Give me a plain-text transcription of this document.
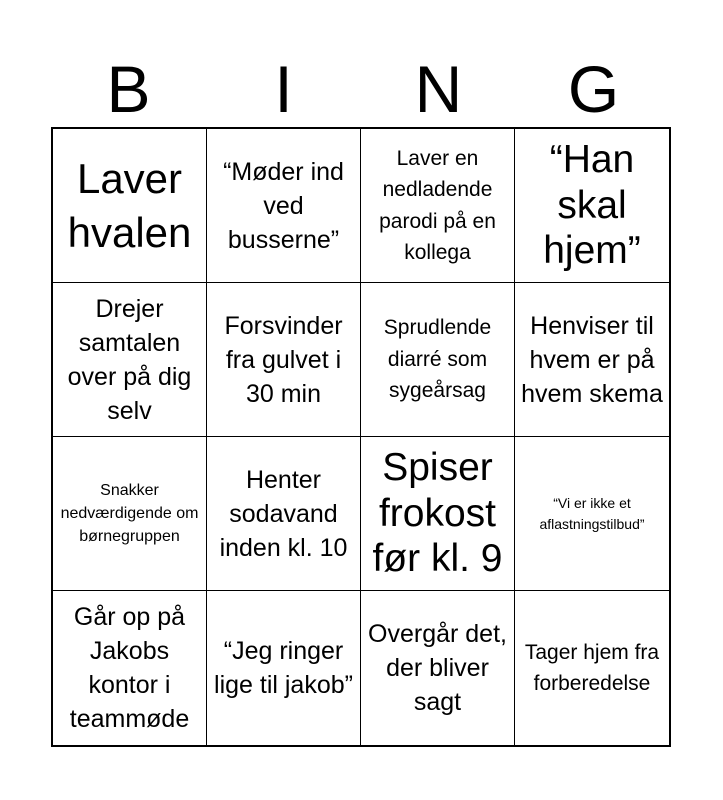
B	I	N	G
Laver hvalen
“Møder ind ved busserne”
Laver en nedladende parodi på en kollega
“Han skal hjem”
Drejer samtalen over på dig selv
Forsvinder fra gulvet i 30 min
Sprudlende diarré som sygeårsag
Henviser til hvem er på hvem skema
Snakker nedværdigende om børnegruppen
Henter sodavand inden kl. 10
Spiser frokost før kl. 9
“Vi er ikke et aflastningstilbud”
Går op på Jakobs kontor i teammøde
“Jeg ringer lige til jakob”
Overgår det, der bliver sagt
Tager hjem fra forberedelse
